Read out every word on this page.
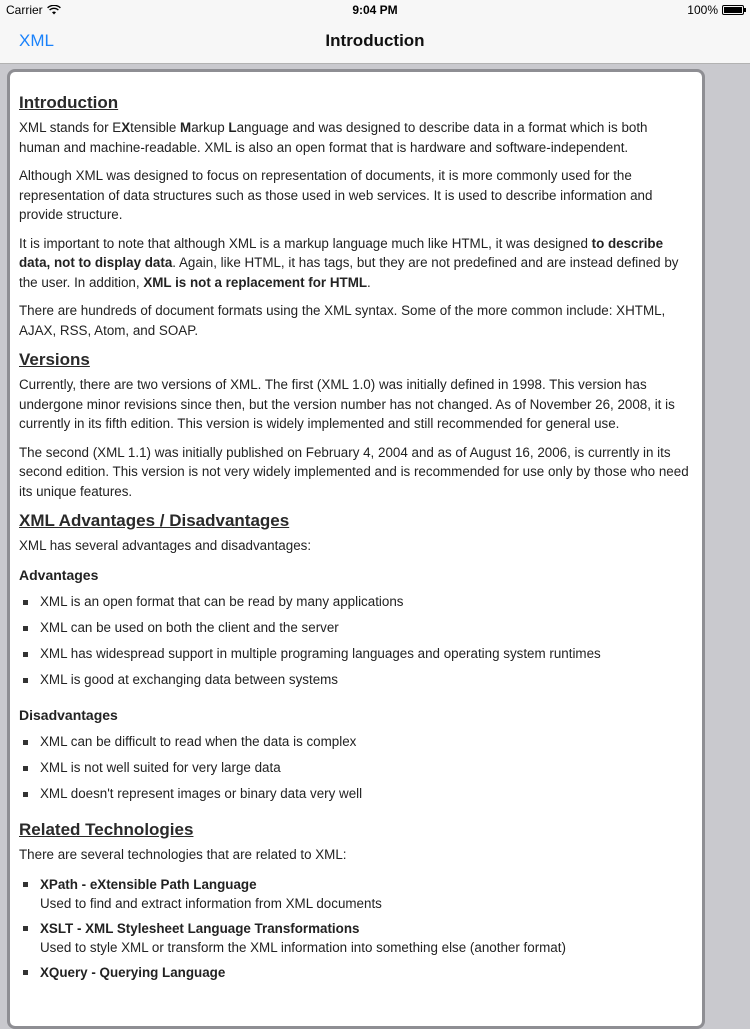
Carrier	9:04 PM	100%
XML	Introduction
Introduction

XML stands for EXtensible Markup Language and was designed to describe data in a format which is both human and machine-readable. XML is also an open format that is hardware and software-independent.

Although XML was designed to focus on representation of documents, it is more commonly used for the representation of data structures such as those used in web services. It is used to describe information and provide structure.

It is important to note that although XML is a markup language much like HTML, it was designed to describe data, not to display data. Again, like HTML, it has tags, but they are not predefined and are instead defined by the user. In addition, XML is not a replacement for HTML.

There are hundreds of document formats using the XML syntax. Some of the more common include: XHTML, AJAX, RSS, Atom, and SOAP.

Versions

Currently, there are two versions of XML. The first (XML 1.0) was initially defined in 1998. This version has undergone minor revisions since then, but the version number has not changed. As of November 26, 2008, it is currently in its fifth edition. This version is widely implemented and still recommended for general use.

The second (XML 1.1) was initially published on February 4, 2004 and as of August 16, 2006, is currently in its second edition. This version is not very widely implemented and is recommended for use only by those who need its unique features.

XML Advantages / Disadvantages

XML has several advantages and disadvantages:

Advantages
XML is an open format that can be read by many applications
XML can be used on both the client and the server
XML has widespread support in multiple programing languages and operating system runtimes
XML is good at exchanging data between systems
Disadvantages
XML can be difficult to read when the data is complex
XML is not well suited for very large data
XML doesn't represent images or binary data very well
Related Technologies

There are several technologies that are related to XML:

XPath - eXtensible Path Language
Used to find and extract information from XML documents
XSLT - XML Stylesheet Language Transformations
Used to style XML or transform the XML information into something else (another format)
XQuery - Querying Language
